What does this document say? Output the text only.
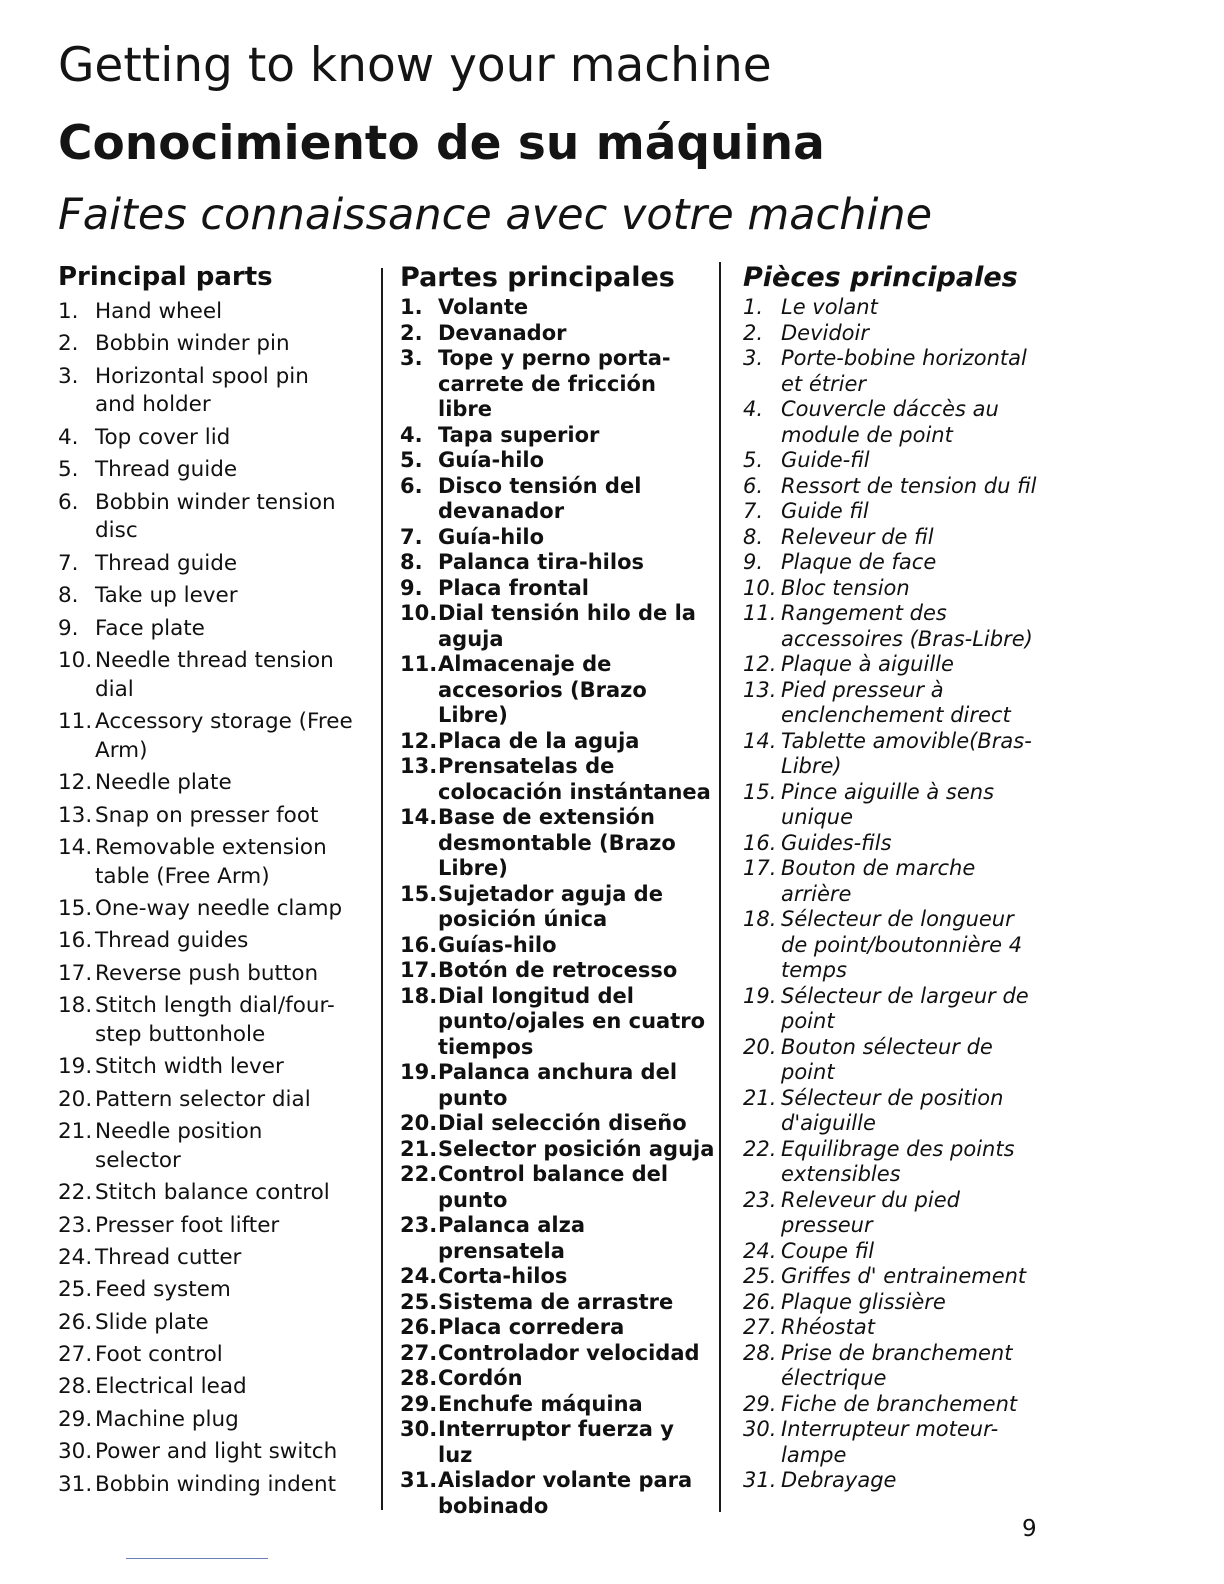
Getting to know your machine
Conocimiento de su máquina
Faites connaissance avec votre machine
Principal parts
1. Hand wheel
2. Bobbin winder pin
3. Horizontal spool pin
and holder
4. Top cover lid
5. Thread guide
6. Bobbin winder tension
disc
7. Thread guide
8. Take up lever
9. Face plate
10. Needle thread tension
dial
11. Accessory storage (Free
Arm)
12. Needle plate
13. Snap on presser foot
14. Removable extension
table (Free Arm)
15. One-way needle clamp
16. Thread guides
17. Reverse push button
18. Stitch length dial/four-
step buttonhole
19. Stitch width lever
20. Pattern selector dial
21. Needle position
selector
22. Stitch balance control
23. Presser foot lifter
24. Thread cutter
25. Feed system
26. Slide plate
27. Foot control
28. Electrical lead
29. Machine plug
30. Power and light switch
31. Bobbin winding indent
Partes principales
1. Volante
2. Devanador
3. Tope y perno porta-
carrete de fricción
libre
4. Tapa superior
5. Guía-hilo
6. Disco tensión del
devanador
7. Guía-hilo
8. Palanca tira-hilos
9. Placa frontal
10. Dial tensión hilo de la
aguja
11. Almacenaje de
accesorios (Brazo
Libre)
12. Placa de la aguja
13. Prensatelas de
colocación instántanea
14. Base de extensión
desmontable (Brazo
Libre)
15. Sujetador aguja de
posición única
16. Guías-hilo
17. Botón de retrocesso
18. Dial longitud del
punto/ojales en cuatro
tiempos
19. Palanca anchura del
punto
20. Dial selección diseño
21. Selector posición aguja
22. Control balance del
punto
23. Palanca alza
prensatela
24. Corta-hilos
25. Sistema de arrastre
26. Placa corredera
27. Controlador velocidad
28. Cordón
29. Enchufe máquina
30. Interruptor fuerza y
luz
31. Aislador volante para
bobinado
Pièces principales
1. Le volant
2. Devidoir
3. Porte-bobine horizontal
et étrier
4. Couvercle dáccès au
module de point
5. Guide-fil
6. Ressort de tension du fil
7. Guide fil
8. Releveur de fil
9. Plaque de face
10. Bloc tension
11. Rangement des
accessoires (Bras-Libre)
12. Plaque à aiguille
13. Pied presseur à
enclenchement direct
14. Tablette amovible(Bras-
Libre)
15. Pince aiguille à sens
unique
16. Guides-fils
17. Bouton de marche
arrière
18. Sélecteur de longueur
de point/boutonnière 4
temps
19. Sélecteur de largeur de
point
20. Bouton sélecteur de
point
21. Sélecteur de position
d'aiguille
22. Equilibrage des points
extensibles
23. Releveur du pied
presseur
24. Coupe fil
25. Griffes d' entrainement
26. Plaque glissière
27. Rhéostat
28. Prise de branchement
électrique
29. Fiche de branchement
30. Interrupteur moteur-
lampe
31. Debrayage

9
